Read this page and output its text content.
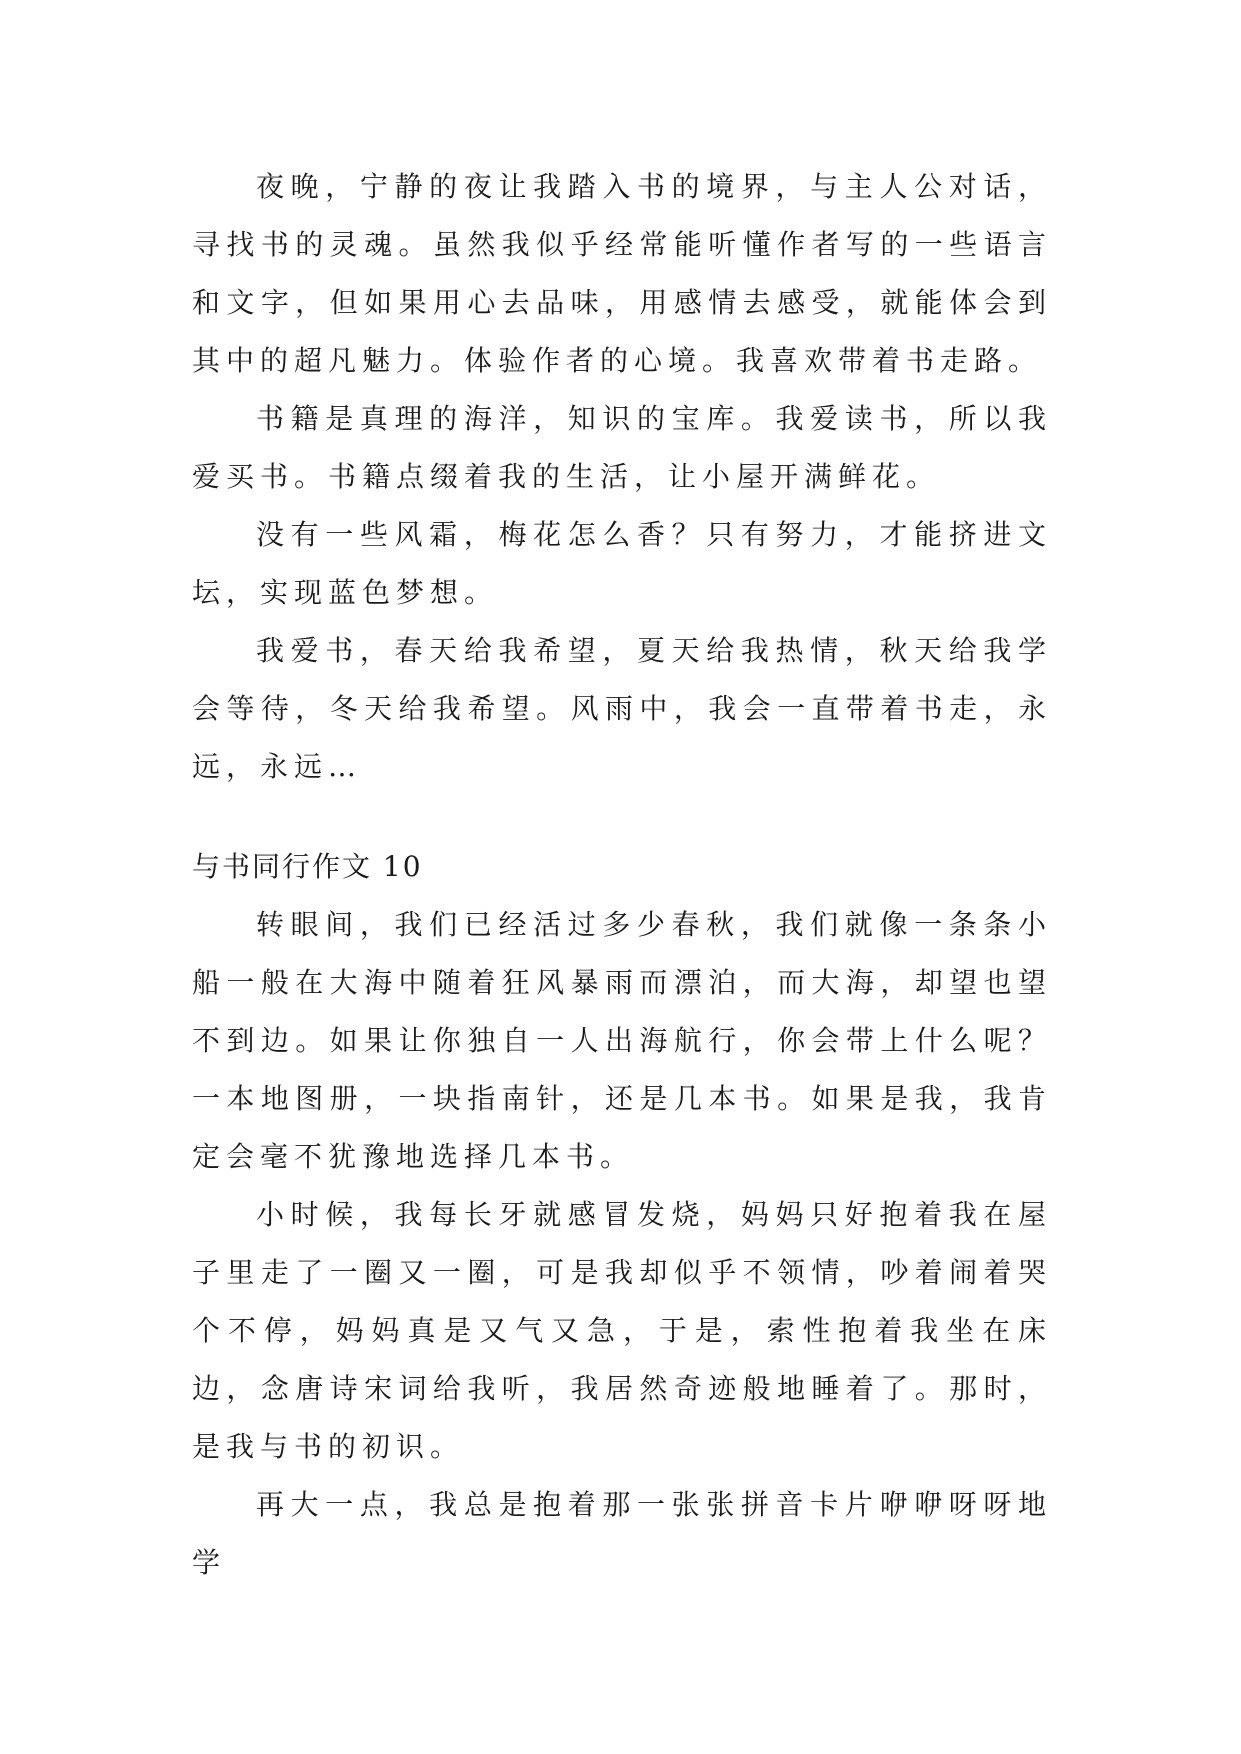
夜晚，宁静的夜让我踏入书的境界，与主人公对话，寻找书的灵魂。虽然我似乎经常能听懂作者写的一些语言和文字，但如果用心去品味，用感情去感受，就能体会到其中的超凡魅力。体验作者的心境。我喜欢带着书走路。

书籍是真理的海洋，知识的宝库。我爱读书，所以我爱买书。书籍点缀着我的生活，让小屋开满鲜花。

没有一些风霜，梅花怎么香？只有努力，才能挤进文坛，实现蓝色梦想。

我爱书，春天给我希望，夏天给我热情，秋天给我学会等待，冬天给我希望。风雨中，我会一直带着书走，永远，永远…

与书同行作文 10

转眼间，我们已经活过多少春秋，我们就像一条条小船一般在大海中随着狂风暴雨而漂泊，而大海，却望也望不到边。如果让你独自一人出海航行，你会带上什么呢？一本地图册，一块指南针，还是几本书。如果是我，我肯定会毫不犹豫地选择几本书。

小时候，我每长牙就感冒发烧，妈妈只好抱着我在屋子里走了一圈又一圈，可是我却似乎不领情，吵着闹着哭个不停，妈妈真是又气又急，于是，索性抱着我坐在床边，念唐诗宋词给我听，我居然奇迹般地睡着了。那时，是我与书的初识。

再大一点，我总是抱着那一张张拼音卡片咿咿呀呀地学
